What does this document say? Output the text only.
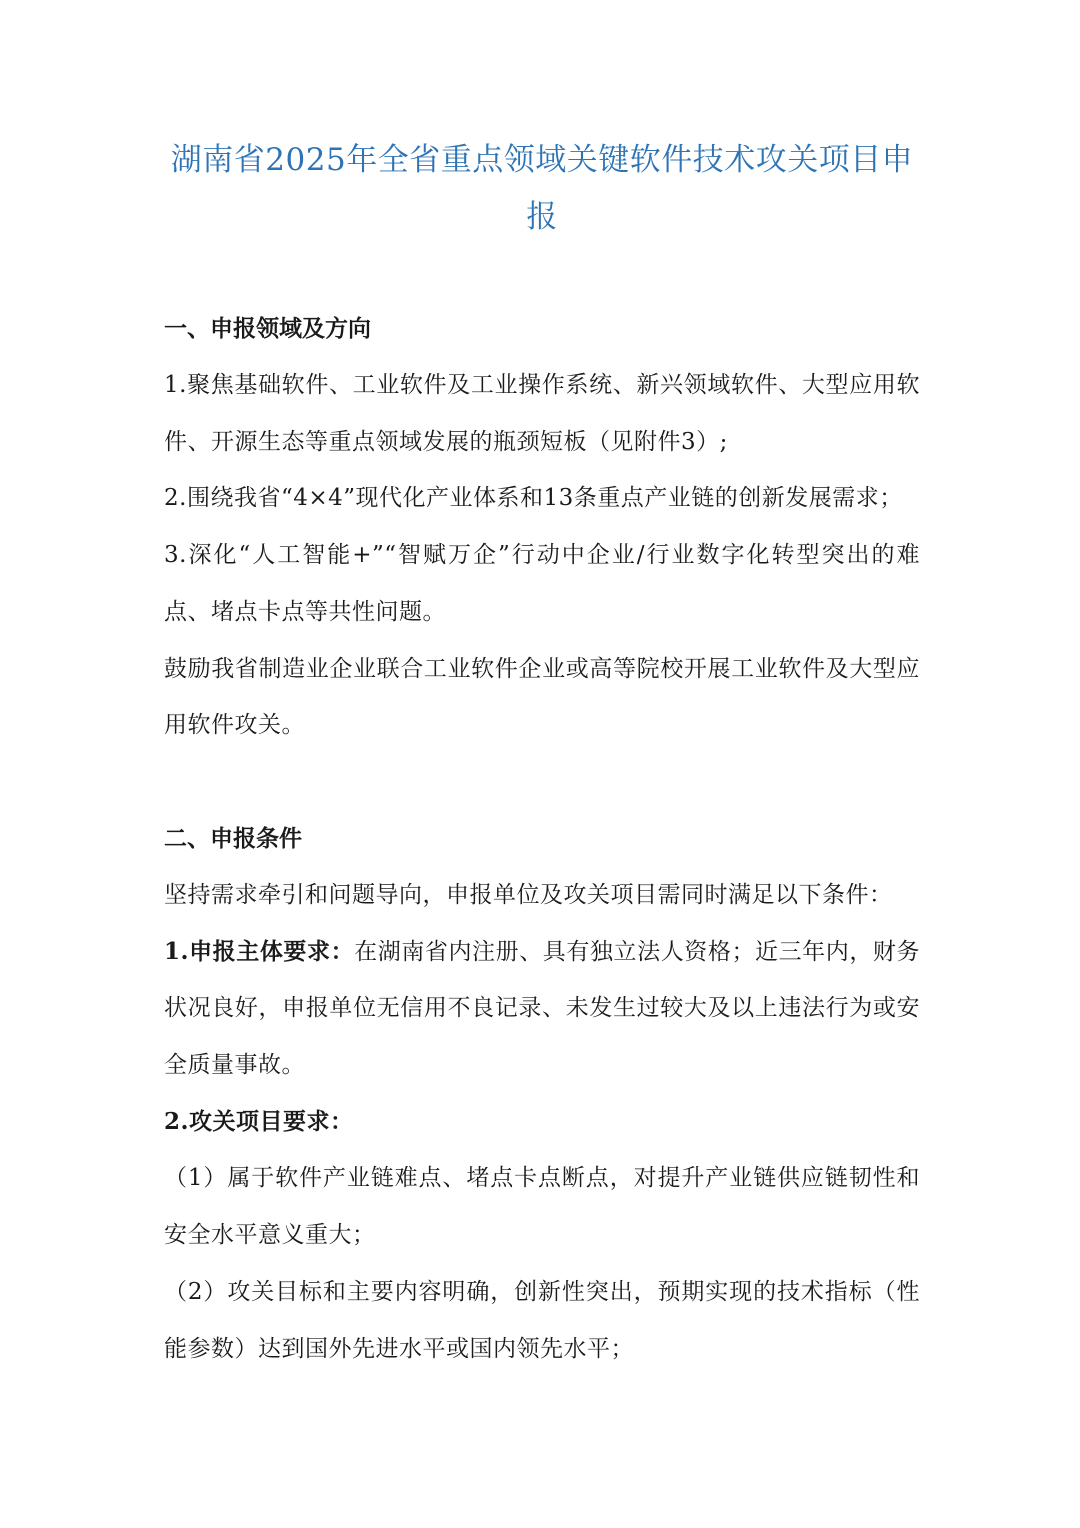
湖南省2025年全省重点领域关键软件技术攻关项目申报
一、申报领域及方向

1.聚焦基础软件、工业软件及工业操作系统、新兴领域软件、大型应用软件、开源生态等重点领域发展的瓶颈短板（见附件3）;

2.围绕我省“4×4”现代化产业体系和13条重点产业链的创新发展需求；

3.深化“人工智能+”“智赋万企”行动中企业/行业数字化转型突出的难点、堵点卡点等共性问题。

鼓励我省制造业企业联合工业软件企业或高等院校开展工业软件及大型应用软件攻关。

二、申报条件

坚持需求牵引和问题导向，申报单位及攻关项目需同时满足以下条件：

1.申报主体要求：在湖南省内注册、具有独立法人资格；近三年内，财务状况良好，申报单位无信用不良记录、未发生过较大及以上违法行为或安全质量事故。

2.攻关项目要求：

（1）属于软件产业链难点、堵点卡点断点，对提升产业链供应链韧性和安全水平意义重大；

（2）攻关目标和主要内容明确，创新性突出，预期实现的技术指标（性能参数）达到国外先进水平或国内领先水平；
